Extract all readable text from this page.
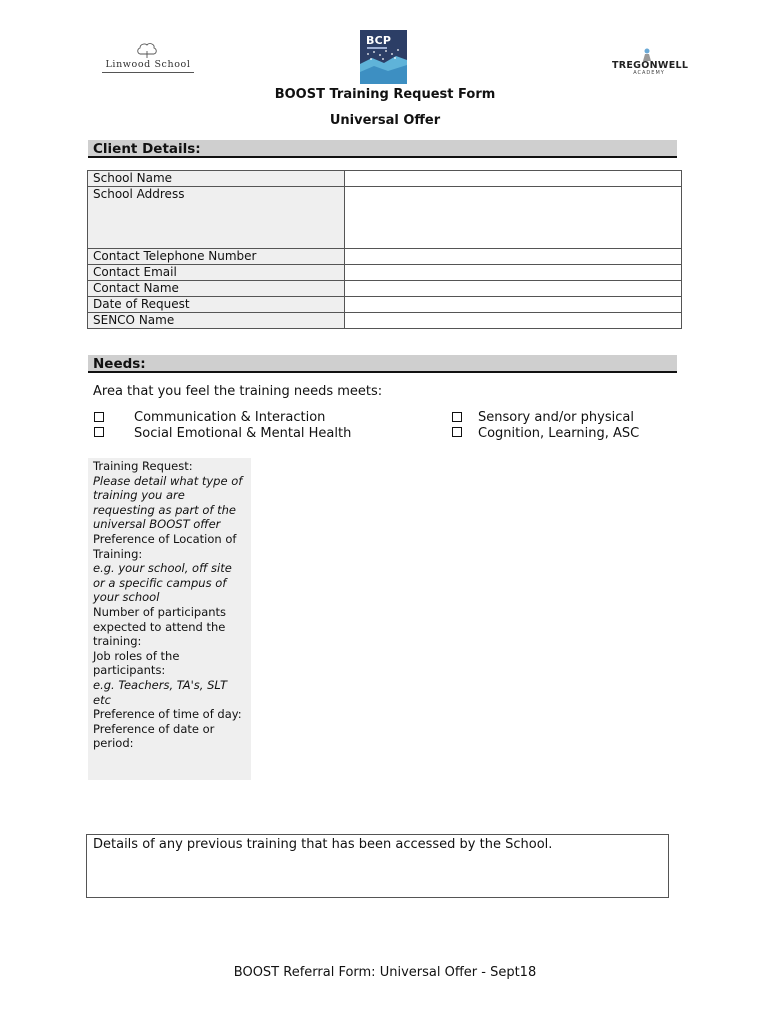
Linwood School
BCP
TREGONWELL
ACADEMY
BOOST Training Request Form
Universal Offer
Client Details:
School Name	
School Address	
Contact Telephone Number	
Contact Email	
Contact Name	
Date of Request	
SENCO Name	
Needs:
Area that you feel the training needs meets:
Communication & Interaction
Social Emotional & Mental Health
Sensory and/or physical
Cognition, Learning, ASC
Training Request:
Please detail what type of training you are requesting as part of the universal BOOST offer
Preference of Location of Training:
e.g. your school, off site or a specific campus of your school
Number of participants expected to attend the training:
Job roles of the participants:
e.g. Teachers, TA's, SLT etc
Preference of time of day:
Preference of date or period:
Details of any previous training that has been accessed by the School.
BOOST Referral Form: Universal Offer - Sept18
